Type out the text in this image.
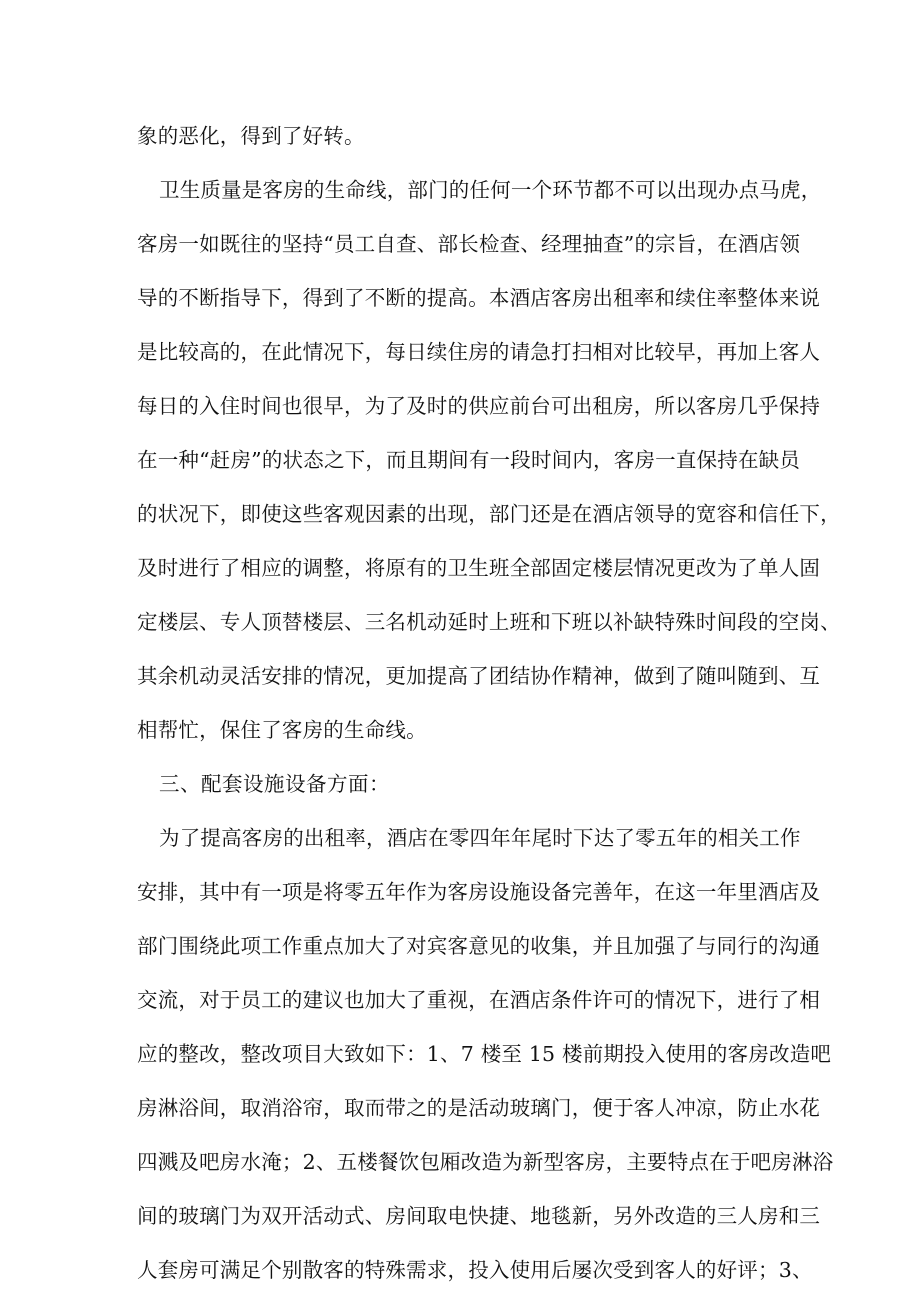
象的恶化，得到了好转。
卫生质量是客房的生命线，部门的任何一个环节都不可以出现办点马虎，
客房一如既往的坚持“员工自查、部长检查、经理抽查”的宗旨，在酒店领
导的不断指导下，得到了不断的提高。本酒店客房出租率和续住率整体来说
是比较高的，在此情况下，每日续住房的请急打扫相对比较早，再加上客人
每日的入住时间也很早，为了及时的供应前台可出租房，所以客房几乎保持
在一种“赶房”的状态之下，而且期间有一段时间内，客房一直保持在缺员
的状况下，即使这些客观因素的出现，部门还是在酒店领导的宽容和信任下，
及时进行了相应的调整，将原有的卫生班全部固定楼层情况更改为了单人固
定楼层、专人顶替楼层、三名机动延时上班和下班以补缺特殊时间段的空岗、
其余机动灵活安排的情况，更加提高了团结协作精神，做到了随叫随到、互
相帮忙，保住了客房的生命线。
三、配套设施设备方面：
为了提高客房的出租率，酒店在零四年年尾时下达了零五年的相关工作
安排，其中有一项是将零五年作为客房设施设备完善年，在这一年里酒店及
部门围绕此项工作重点加大了对宾客意见的收集，并且加强了与同行的沟通
交流，对于员工的建议也加大了重视，在酒店条件许可的情况下，进行了相
应的整改，整改项目大致如下：1、7 楼至 15 楼前期投入使用的客房改造吧
房淋浴间，取消浴帘，取而带之的是活动玻璃门，便于客人冲凉，防止水花
四溅及吧房水淹；2、五楼餐饮包厢改造为新型客房，主要特点在于吧房淋浴
间的玻璃门为双开活动式、房间取电快捷、地毯新，另外改造的三人房和三
人套房可满足个别散客的特殊需求，投入使用后屡次受到客人的好评；3、
